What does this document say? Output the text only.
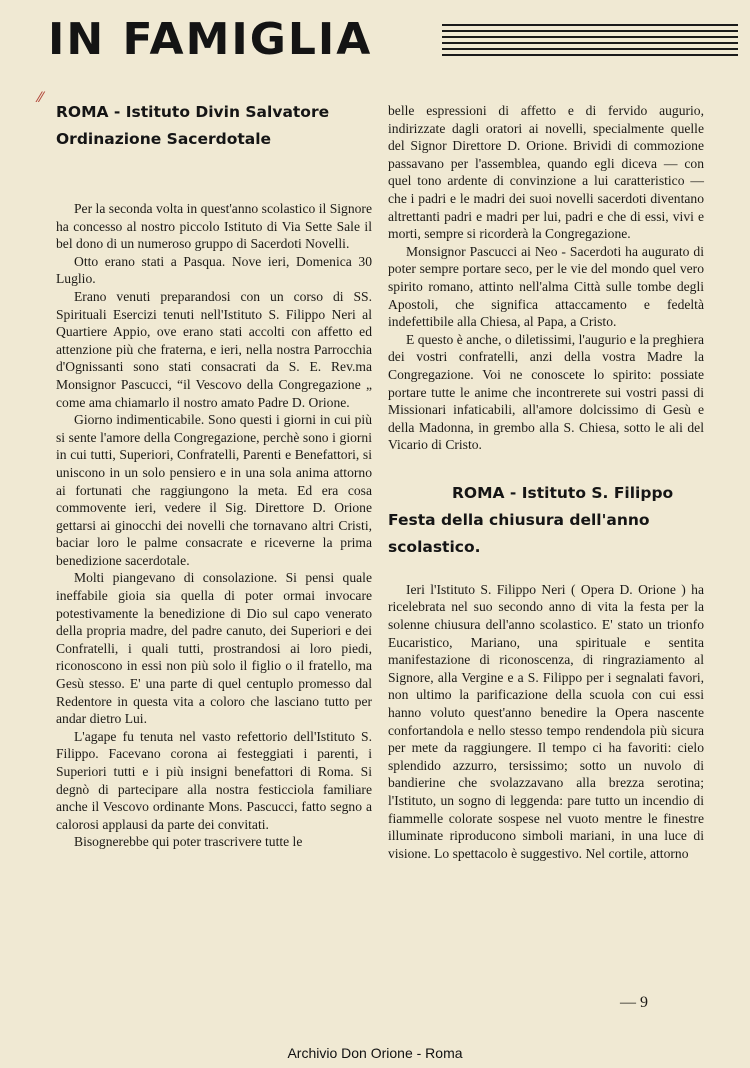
IN FAMIGLIA
⁄⁄

ROMA - Istituto Divin Salvatore

Ordinazione Sacerdotale

Per la seconda volta in quest'anno scolastico il Signore ha concesso al nostro piccolo Istituto di Via Sette Sale il bel dono di un numeroso gruppo di Sacerdoti Novelli.

Otto erano stati a Pasqua. Nove ieri, Domenica 30 Luglio.

Erano venuti preparandosi con un corso di SS. Spirituali Esercizi tenuti nell'Istituto S. Filippo Neri al Quartiere Appio, ove erano stati accolti con affetto ed attenzione più che fraterna, e ieri, nella nostra Parrocchia d'Ognissanti sono stati consacrati da S. E. Rev.ma Monsignor Pascucci, “il Vescovo della Congregazione „ come ama chiamarlo il nostro amato Padre D. Orione.

Giorno indimenticabile. Sono questi i giorni in cui più si sente l'amore della Congregazione, perchè sono i giorni in cui tutti, Superiori, Confratelli, Parenti e Benefattori, si uniscono in un solo pensiero e in una sola anima attorno ai fortunati che raggiungono la meta. Ed era cosa commovente ieri, vedere il Sig. Direttore D. Orione gettarsi ai ginocchi dei novelli che tornavano altri Cristi, baciar loro le palme consacrate e riceverne la prima benedizione sacerdotale.

Molti piangevano di consolazione. Si pensi quale ineffabile gioia sia quella di poter ormai invocare potestivamente la benedizione di Dio sul capo venerato della propria madre, del padre canuto, dei Superiori e dei Confratelli, i quali tutti, prostrandosi ai loro piedi, riconoscono in essi non più solo il figlio o il fratello, ma Gesù stesso. E' una parte di quel centuplo promesso dal Redentore in questa vita a coloro che lasciano tutto per andar dietro Lui.

L'agape fu tenuta nel vasto refettorio dell'Istituto S. Filippo. Facevano corona ai festeggiati i parenti, i Superiori tutti e i più insigni benefattori di Roma. Si degnò di partecipare alla nostra festicciola familiare anche il Vescovo ordinante Mons. Pascucci, fatto segno a calorosi applausi da parte dei convitati.

Bisognerebbe qui poter trascrivere tutte le

belle espressioni di affetto e di fervido augurio, indirizzate dagli oratori ai novelli, specialmente quelle del Signor Direttore D. Orione. Brividi di commozione passavano per l'assemblea, quando egli diceva — con quel tono ardente di convinzione a lui caratteristico — che i padri e le madri dei suoi novelli sacerdoti diventano altrettanti padri e madri per lui, padri e che di essi, vivi e morti, sempre si ricorderà la Congregazione.

Monsignor Pascucci ai Neo - Sacerdoti ha augurato di poter sempre portare seco, per le vie del mondo quel vero spirito romano, attinto nell'alma Città sulle tombe degli Apostoli, che significa attaccamento e fedeltà indefettibile alla Chiesa, al Papa, a Cristo.

E questo è anche, o diletissimi, l'augurio e la preghiera dei vostri confratelli, anzi della vostra Madre la Congregazione. Voi ne conoscete lo spirito: possiate portare tutte le anime che incontrerete sui vostri passi di Missionari infaticabili, all'amore dolcissimo di Gesù e della Madonna, in grembo alla S. Chiesa, sotto le ali del Vicario di Cristo.

ROMA - Istituto S. Filippo

Festa della chiusura dell'anno

scolastico.

Ieri l'Istituto S. Filippo Neri ( Opera D. Orione ) ha ricelebrata nel suo secondo anno di vita la festa per la solenne chiusura dell'anno scolastico. E' stato un trionfo Eucaristico, Mariano, una spirituale e sentita manifestazione di riconoscenza, di ringraziamento al Signore, alla Vergine e a S. Filippo per i segnalati favori, non ultimo la parificazione della scuola con cui essi hanno voluto quest'anno benedire la Opera nascente confortandola e nello stesso tempo rendendola più sicura per mete da raggiungere. Il tempo ci ha favoriti: cielo splendido azzurro, tersissimo; sotto un nuvolo di bandierine che svolazzavano alla brezza serotina; l'Istituto, un sogno di leggenda: pare tutto un incendio di fiammelle colorate sospese nel vuoto mentre le finestre illuminate riproducono simboli mariani, in una luce di visione. Lo spettacolo è suggestivo. Nel cortile, attorno

— 9
Archivio Don Orione - Roma
